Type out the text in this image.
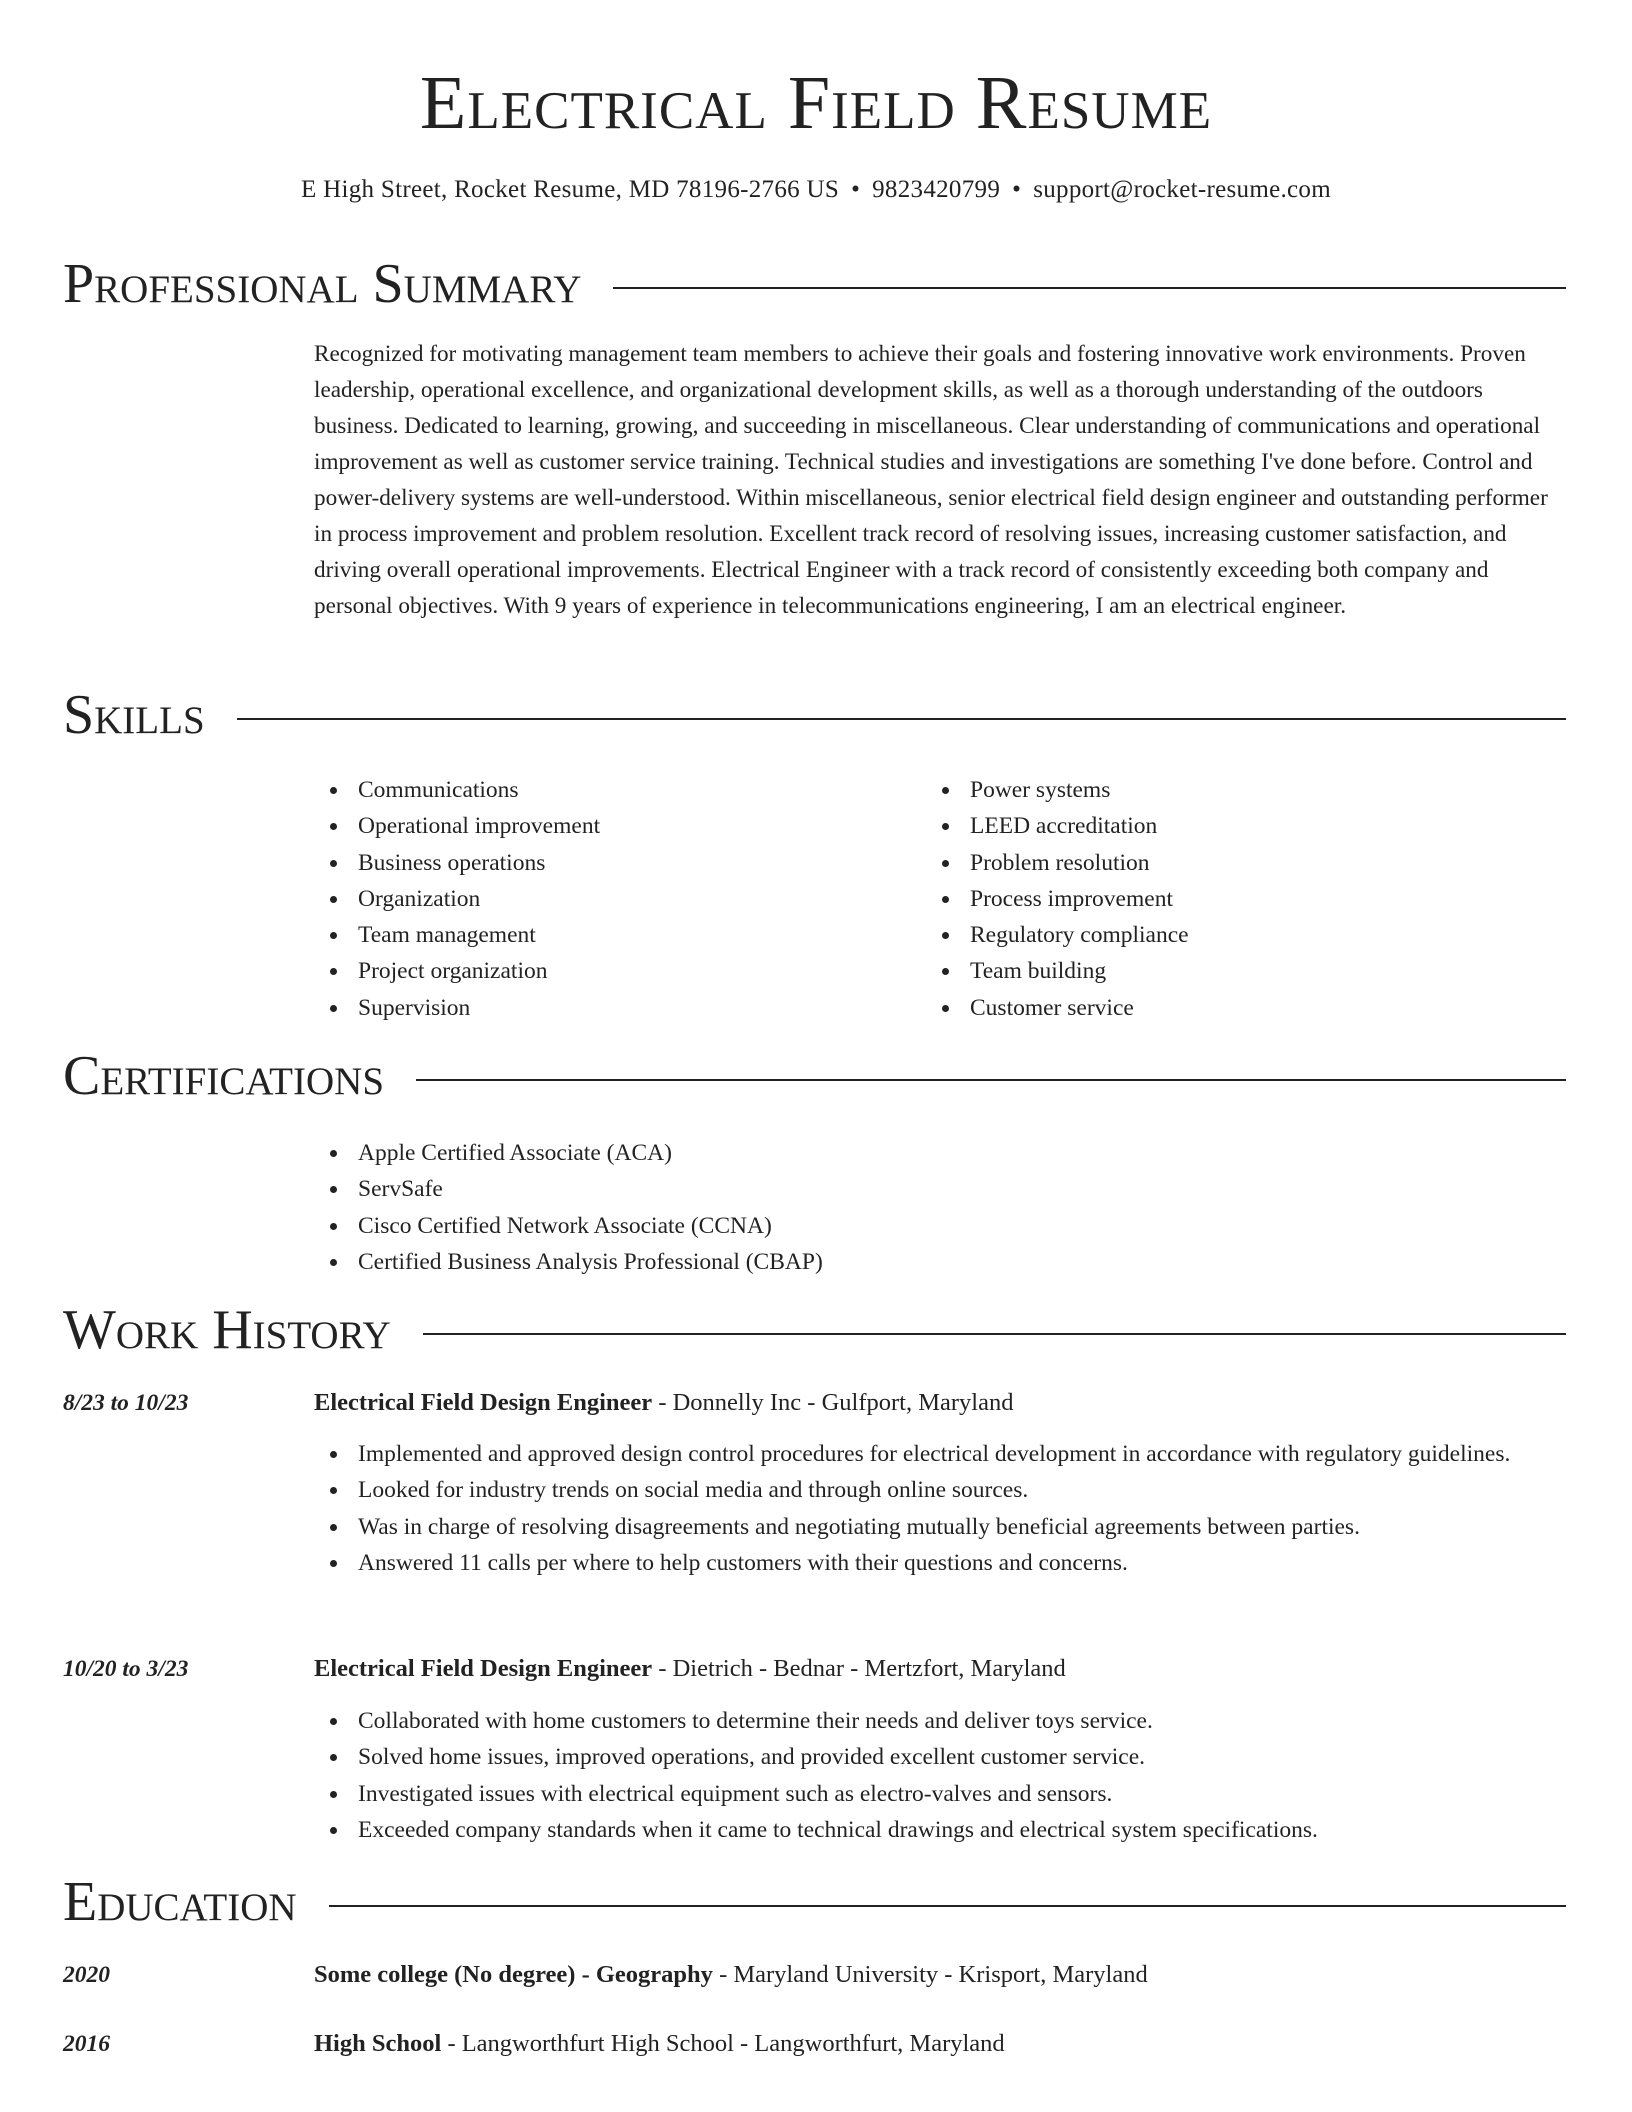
Electrical Field Resume
E High Street, Rocket Resume, MD 78196-2766 US • 9823420799 • support@rocket-resume.com
Professional Summary

Recognized for motivating management team members to achieve their goals and fostering innovative work environments. Proven leadership, operational excellence, and organizational development skills, as well as a thorough understanding of the outdoors business. Dedicated to learning, growing, and succeeding in miscellaneous. Clear understanding of communications and operational improvement as well as customer service training. Technical studies and investigations are something I've done before. Control and power-delivery systems are well-understood. Within miscellaneous, senior electrical field design engineer and outstanding performer in process improvement and problem resolution. Excellent track record of resolving issues, increasing customer satisfaction, and driving overall operational improvements. Electrical Engineer with a track record of consistently exceeding both company and personal objectives. With 9 years of experience in telecommunications engineering, I am an electrical engineer.

Skills
Communications
Operational improvement
Business operations
Organization
Team management
Project organization
Supervision
Power systems
LEED accreditation
Problem resolution
Process improvement
Regulatory compliance
Team building
Customer service
Certifications
Apple Certified Associate (ACA)
ServSafe
Cisco Certified Network Associate (CCNA)
Certified Business Analysis Professional (CBAP)
Work History
8/23 to 10/23	Electrical Field Design Engineer - Donnelly Inc - Gulfport, Maryland
Implemented and approved design control procedures for electrical development in accordance with regulatory guidelines.
Looked for industry trends on social media and through online sources.
Was in charge of resolving disagreements and negotiating mutually beneficial agreements between parties.
Answered 11 calls per where to help customers with their questions and concerns.
10/20 to 3/23	Electrical Field Design Engineer - Dietrich - Bednar - Mertzfort, Maryland
Collaborated with home customers to determine their needs and deliver toys service.
Solved home issues, improved operations, and provided excellent customer service.
Investigated issues with electrical equipment such as electro-valves and sensors.
Exceeded company standards when it came to technical drawings and electrical system specifications.
Education
2020	Some college (No degree) - Geography - Maryland University - Krisport, Maryland
2016	High School - Langworthfurt High School - Langworthfurt, Maryland
